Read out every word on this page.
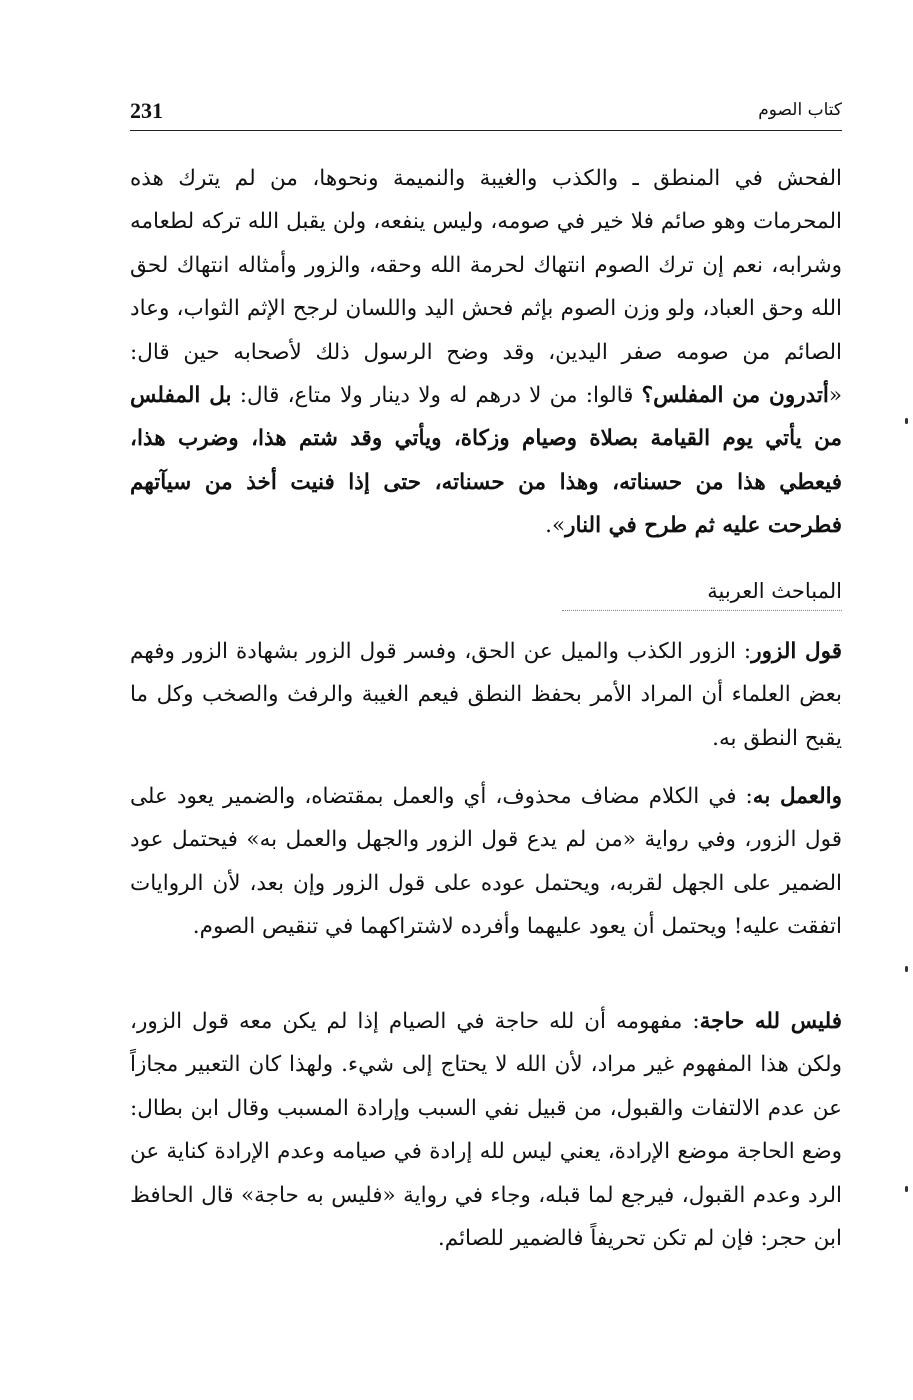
231	كتاب الصوم

الفحش في المنطق ـ والكذب والغيبة والنميمة ونحوها، من لم يترك هذه المحرمات وهو صائم فلا خير في صومه، وليس ينفعه، ولن يقبل الله تركه لطعامه وشرابه، نعم إن ترك الصوم انتهاك لحرمة الله وحقه، والزور وأمثاله انتهاك لحق الله وحق العباد، ولو وزن الصوم بإثم فحش اليد واللسان لرجح الإثم الثواب، وعاد الصائم من صومه صفر اليدين، وقد وضح الرسول ذلك لأصحابه حين قال: «أتدرون من المفلس؟ قالوا: من لا درهم له ولا دينار ولا متاع، قال: بل المفلس من يأتي يوم القيامة بصلاة وصيام وزكاة، ويأتي وقد شتم هذا، وضرب هذا، فيعطي هذا من حسناته، وهذا من حسناته، حتى إذا فنيت أخذ من سيآتهم فطرحت عليه ثم طرح في النار».

المباحث العربية

قول الزور: الزور الكذب والميل عن الحق، وفسر قول الزور بشهادة الزور وفهم بعض العلماء أن المراد الأمر بحفظ النطق فيعم الغيبة والرفث والصخب وكل ما يقبح النطق به.

والعمل به: في الكلام مضاف محذوف، أي والعمل بمقتضاه، والضمير يعود على قول الزور، وفي رواية «من لم يدع قول الزور والجهل والعمل به» فيحتمل عود الضمير على الجهل لقربه، ويحتمل عوده على قول الزور وإن بعد، لأن الروايات اتفقت عليه! ويحتمل أن يعود عليهما وأفرده لاشتراكهما في تنقيص الصوم.

فليس لله حاجة: مفهومه أن لله حاجة في الصيام إذا لم يكن معه قول الزور، ولكن هذا المفهوم غير مراد، لأن الله لا يحتاج إلى شيء. ولهذا كان التعبير مجازاً عن عدم الالتفات والقبول، من قبيل نفي السبب وإرادة المسبب وقال ابن بطال: وضع الحاجة موضع الإرادة، يعني ليس لله إرادة في صيامه وعدم الإرادة كناية عن الرد وعدم القبول، فيرجع لما قبله، وجاء في رواية «فليس به حاجة» قال الحافظ ابن حجر: فإن لم تكن تحريفاً فالضمير للصائم.
